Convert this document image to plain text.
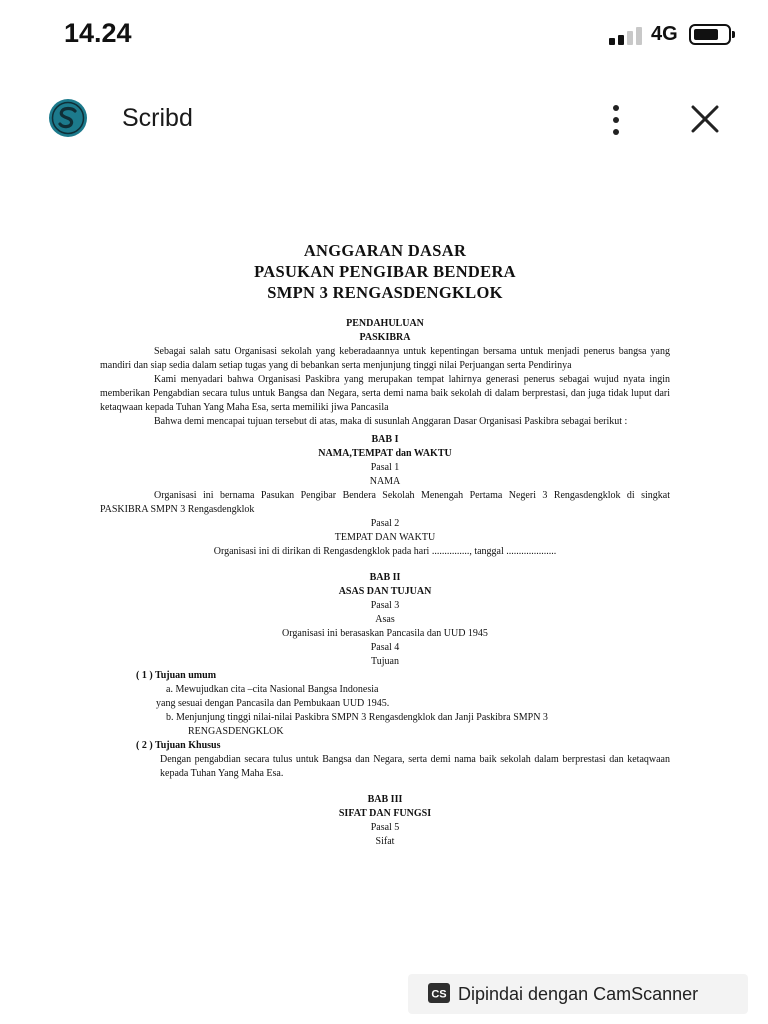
14.24	4G
Scribd
ANGGARAN DASAR
PASUKAN PENGIBAR BENDERA
SMPN 3 RENGASDENGKLOK
PENDAHULUAN
PASKIBRA
Sebagai salah satu Organisasi sekolah yang keberadaannya untuk kepentingan bersama untuk menjadi penerus bangsa yang mandiri dan siap sedia dalam setiap tugas yang di bebankan serta menjunjung tinggi nilai Perjuangan serta Pendirinya
Kami menyadari bahwa Organisasi Paskibra yang merupakan tempat lahirnya generasi penerus sebagai wujud nyata ingin memberikan Pengabdian secara tulus untuk Bangsa dan Negara, serta demi nama baik sekolah di dalam berprestasi, dan juga tidak luput dari ketaqwaan kepada Tuhan Yang Maha Esa, serta memiliki jiwa Pancasila
Bahwa demi mencapai tujuan tersebut di atas, maka di susunlah Anggaran Dasar Organisasi Paskibra sebagai berikut :
BAB I
NAMA,TEMPAT dan WAKTU
Pasal 1
NAMA
Organisasi ini bernama Pasukan Pengibar Bendera Sekolah Menengah Pertama Negeri 3 Rengasdengklok di singkat PASKIBRA SMPN 3 Rengasdengklok
Pasal 2
TEMPAT DAN WAKTU
Organisasi ini di dirikan di Rengasdengklok pada hari ..............., tanggal ....................
BAB II
ASAS DAN TUJUAN
Pasal 3
Asas
Organisasi ini berasaskan Pancasila dan UUD 1945
Pasal 4
Tujuan
( 1 ) Tujuan umum
a. Mewujudkan cita –cita Nasional Bangsa Indonesia
yang sesuai dengan Pancasila dan Pembukaan UUD 1945.
b. Menjunjung tinggi nilai-nilai Paskibra SMPN 3 Rengasdengklok dan Janji Paskibra SMPN 3
RENGASDENGKLOK
( 2 ) Tujuan Khusus
Dengan pengabdian secara tulus untuk Bangsa dan Negara, serta demi nama baik sekolah dalam berprestasi dan ketaqwaan kepada Tuhan Yang Maha Esa.
BAB III
SIFAT DAN FUNGSI
Pasal 5
Sifat
CS Dipindai dengan CamScanner
